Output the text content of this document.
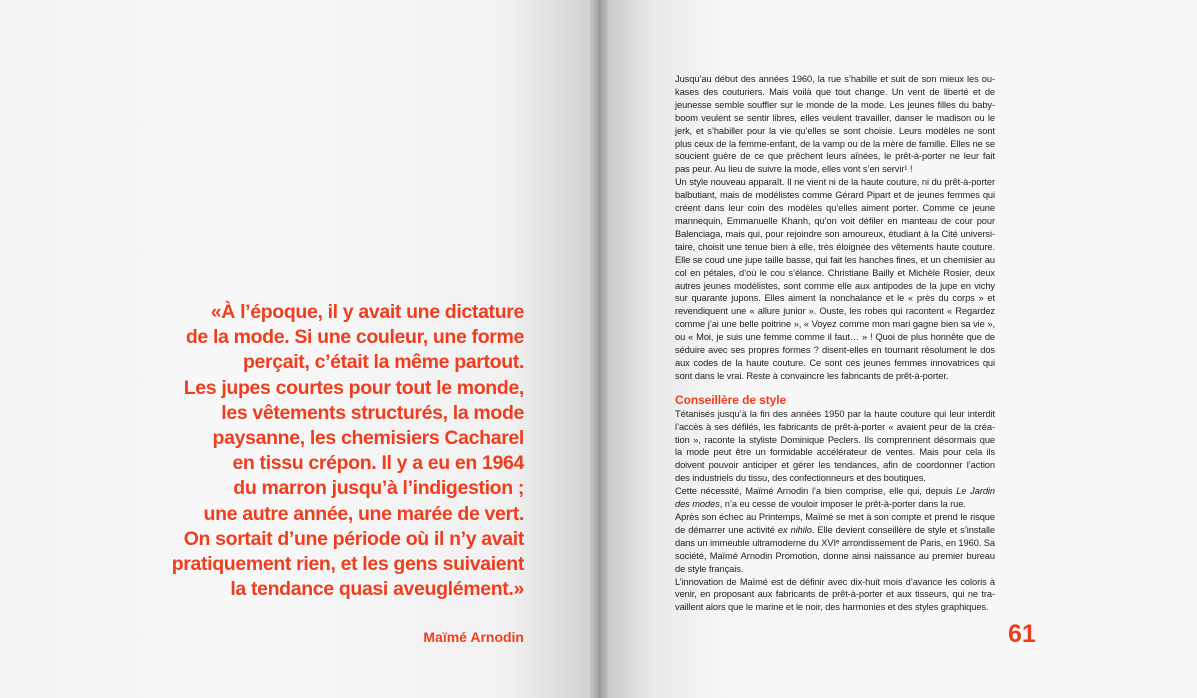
«À l’époque, il y avait une dictature
de la mode. Si une couleur, une forme
perçait, c’était la même partout.
Les jupes courtes pour tout le monde,
les vêtements structurés, la mode
paysanne, les chemisiers Cacharel
en tissu crépon. Il y a eu en 1964
du marron jusqu’à l’indigestion ;
une autre année, une marée de vert.
On sortait d’une période où il n’y avait
pratiquement rien, et les gens suivaient
la tendance quasi aveuglément.»
Maïmé Arnodin
Jusqu’au début des années 1960, la rue s’habille et suit de son mieux les ou-
kases des couturiers. Mais voilà que tout change. Un vent de liberté et de
jeunesse semble souffler sur le monde de la mode. Les jeunes filles du baby-
boom veulent se sentir libres, elles veulent travailler, danser le madison ou le
jerk, et s’habiller pour la vie qu’elles se sont choisie. Leurs modèles ne sont
plus ceux de la femme-enfant, de la vamp ou de la mère de famille. Elles ne se
soucient guère de ce que prêchent leurs aînées, le prêt-à-porter ne leur fait
pas peur. Au lieu de suivre la mode, elles vont s’en servir¹ !
Un style nouveau apparaît. Il ne vient ni de la haute couture, ni du prêt-à-porter
balbutiant, mais de modélistes comme Gérard Pipart et de jeunes femmes qui
créent dans leur coin des modèles qu’elles aiment porter. Comme ce jeune
mannequin, Emmanuelle Khanh, qu’on voit défiler en manteau de cour pour
Balenciaga, mais qui, pour rejoindre son amoureux, étudiant à la Cité universi-
taire, choisit une tenue bien à elle, très éloignée des vêtements haute couture.
Elle se coud une jupe taille basse, qui fait les hanches fines, et un chemisier au
col en pétales, d’où le cou s’élance. Christiane Bailly et Michèle Rosier, deux
autres jeunes modélistes, sont comme elle aux antipodes de la jupe en vichy
sur quarante jupons. Elles aiment la nonchalance et le « près du corps » et
revendiquent une « allure junior ». Ouste, les robes qui racontent « Regardez
comme j’ai une belle poitrine », « Voyez comme mon mari gagne bien sa vie »,
ou « Moi, je suis une femme comme il faut… » ! Quoi de plus honnête que de
séduire avec ses propres formes ? disent-elles en tournant résolument le dos
aux codes de la haute couture. Ce sont ces jeunes femmes innovatrices qui
sont dans le vrai. Reste à convaincre les fabricants de prêt-à-porter.
Conseillère de style
Tétanisés jusqu’à la fin des années 1950 par la haute couture qui leur interdit
l’accès à ses défilés, les fabricants de prêt-à-porter « avaient peur de la créa-
tion », raconte la styliste Dominique Peclers. Ils comprennent désormais que
la mode peut être un formidable accélérateur de ventes. Mais pour cela ils
doivent pouvoir anticiper et gérer les tendances, afin de coordonner l’action
des industriels du tissu, des confectionneurs et des boutiques.
Cette nécessité, Maïmé Arnodin l’a bien comprise, elle qui, depuis Le Jardin
des modes, n’a eu cesse de vouloir imposer le prêt-à-porter dans la rue.
Après son échec au Printemps, Maïmé se met à son compte et prend le risque
de démarrer une activité ex nihilo. Elle devient conseillère de style et s’installe
dans un immeuble ultramoderne du XVIᵉ arrondissement de Paris, en 1960. Sa
société, Maïmé Arnodin Promotion, donne ainsi naissance au premier bureau
de style français.
L’innovation de Maïmé est de définir avec dix-huit mois d’avance les coloris à
venir, en proposant aux fabricants de prêt-à-porter et aux tisseurs, qui ne tra-
vaillent alors que le marine et le noir, des harmonies et des styles graphiques.
61
